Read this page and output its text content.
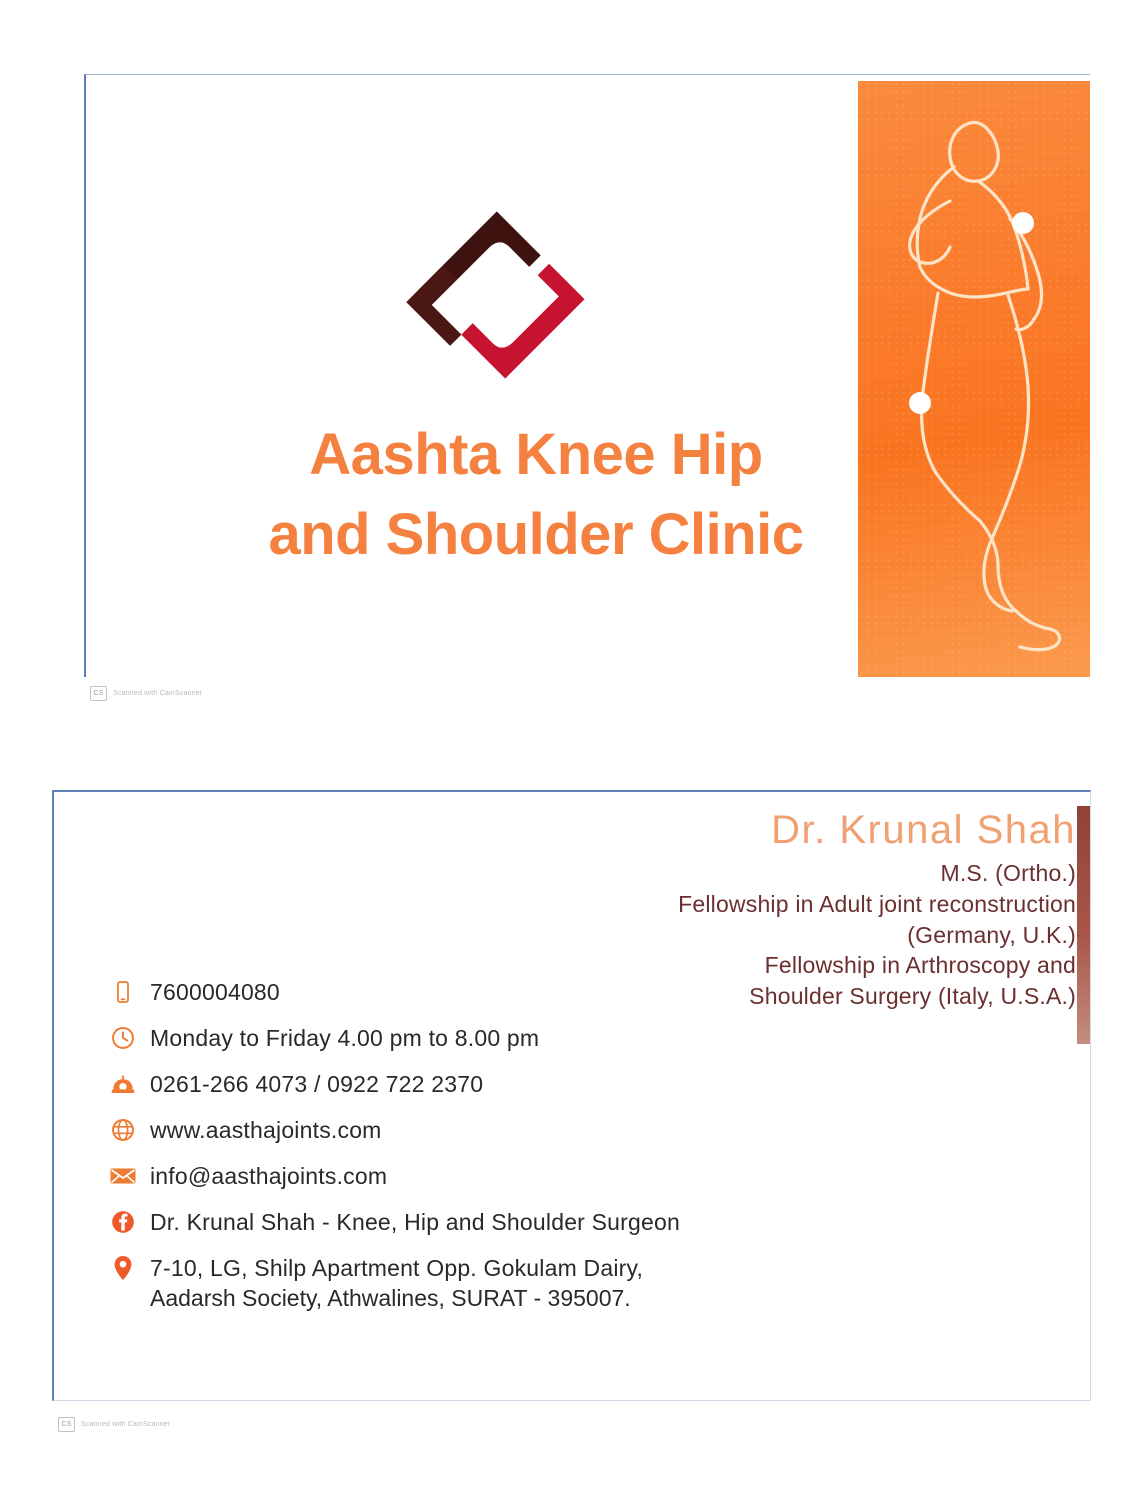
Aashta Knee Hip
and Shoulder Clinic
CS	Scanned with CamScanner
Dr. Krunal Shah
M.S. (Ortho.)
Fellowship in Adult joint reconstruction
(Germany, U.K.)
Fellowship in Arthroscopy and
Shoulder Surgery (Italy, U.S.A.)
7600004080
Monday to Friday 4.00 pm to 8.00 pm
0261-266 4073 / 0922 722 2370
www.aasthajoints.com
info@aasthajoints.com
Dr. Krunal Shah - Knee, Hip and Shoulder Surgeon
7-10, LG, Shilp Apartment Opp. Gokulam Dairy,
Aadarsh Society, Athwalines, SURAT - 395007.
CS	Scanned with CamScanner
